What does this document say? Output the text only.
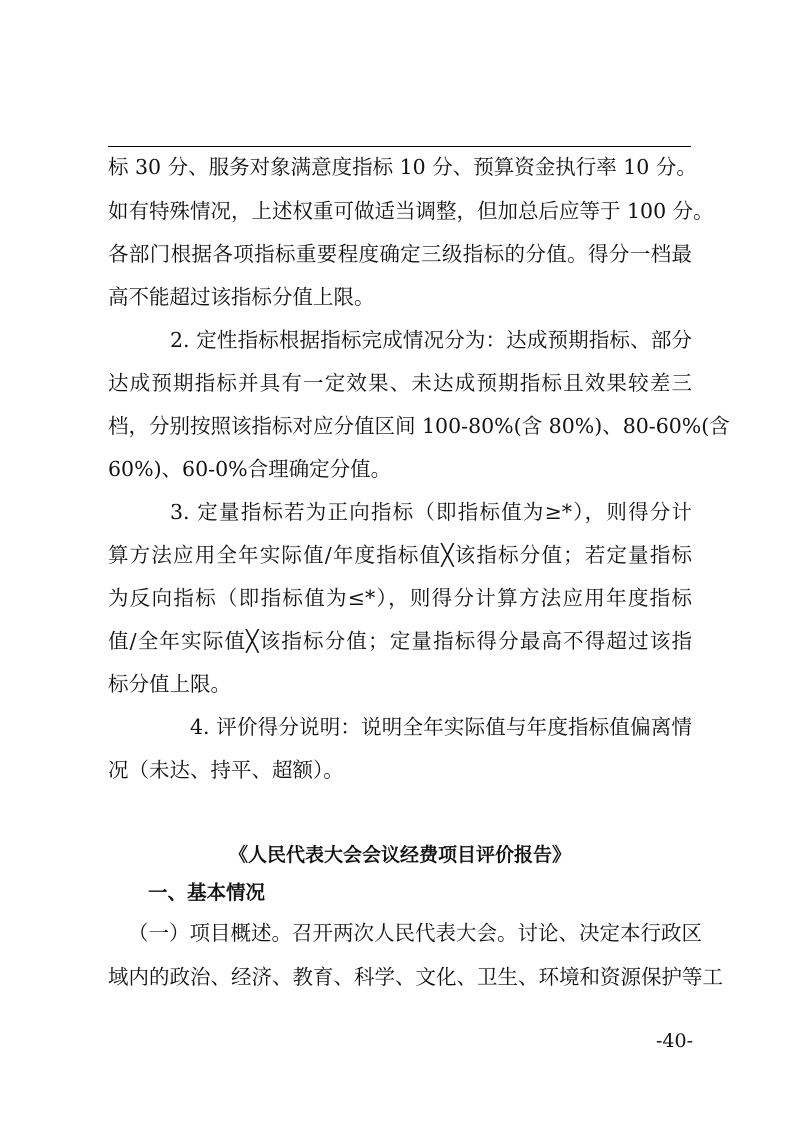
标 30 分、服务对象满意度指标 10 分、预算资金执行率 10 分。
如有特殊情况，上述权重可做适当调整，但加总后应等于 100 分。
各部门根据各项指标重要程度确定三级指标的分值。得分一档最
高不能超过该指标分值上限。
2. 定性指标根据指标完成情况分为：达成预期指标、部分
达成预期指标并具有一定效果、未达成预期指标且效果较差三
档，分别按照该指标对应分值区间 100-80%(含 80%)、80-60%(含
60%)、60-0%合理确定分值。
3. 定量指标若为正向指标（即指标值为≥*），则得分计
算方法应用全年实际值/年度指标值╳该指标分值；若定量指标
为反向指标（即指标值为≤*），则得分计算方法应用年度指标
值/全年实际值╳该指标分值；定量指标得分最高不得超过该指
标分值上限。
4. 评价得分说明：说明全年实际值与年度指标值偏离情
况（未达、持平、超额）。
《人民代表大会会议经费项目评价报告》
一、基本情况
（一）项目概述。召开两次人民代表大会。讨论、决定本行政区
域内的政治、经济、教育、科学、文化、卫生、环境和资源保护等工
-40-
